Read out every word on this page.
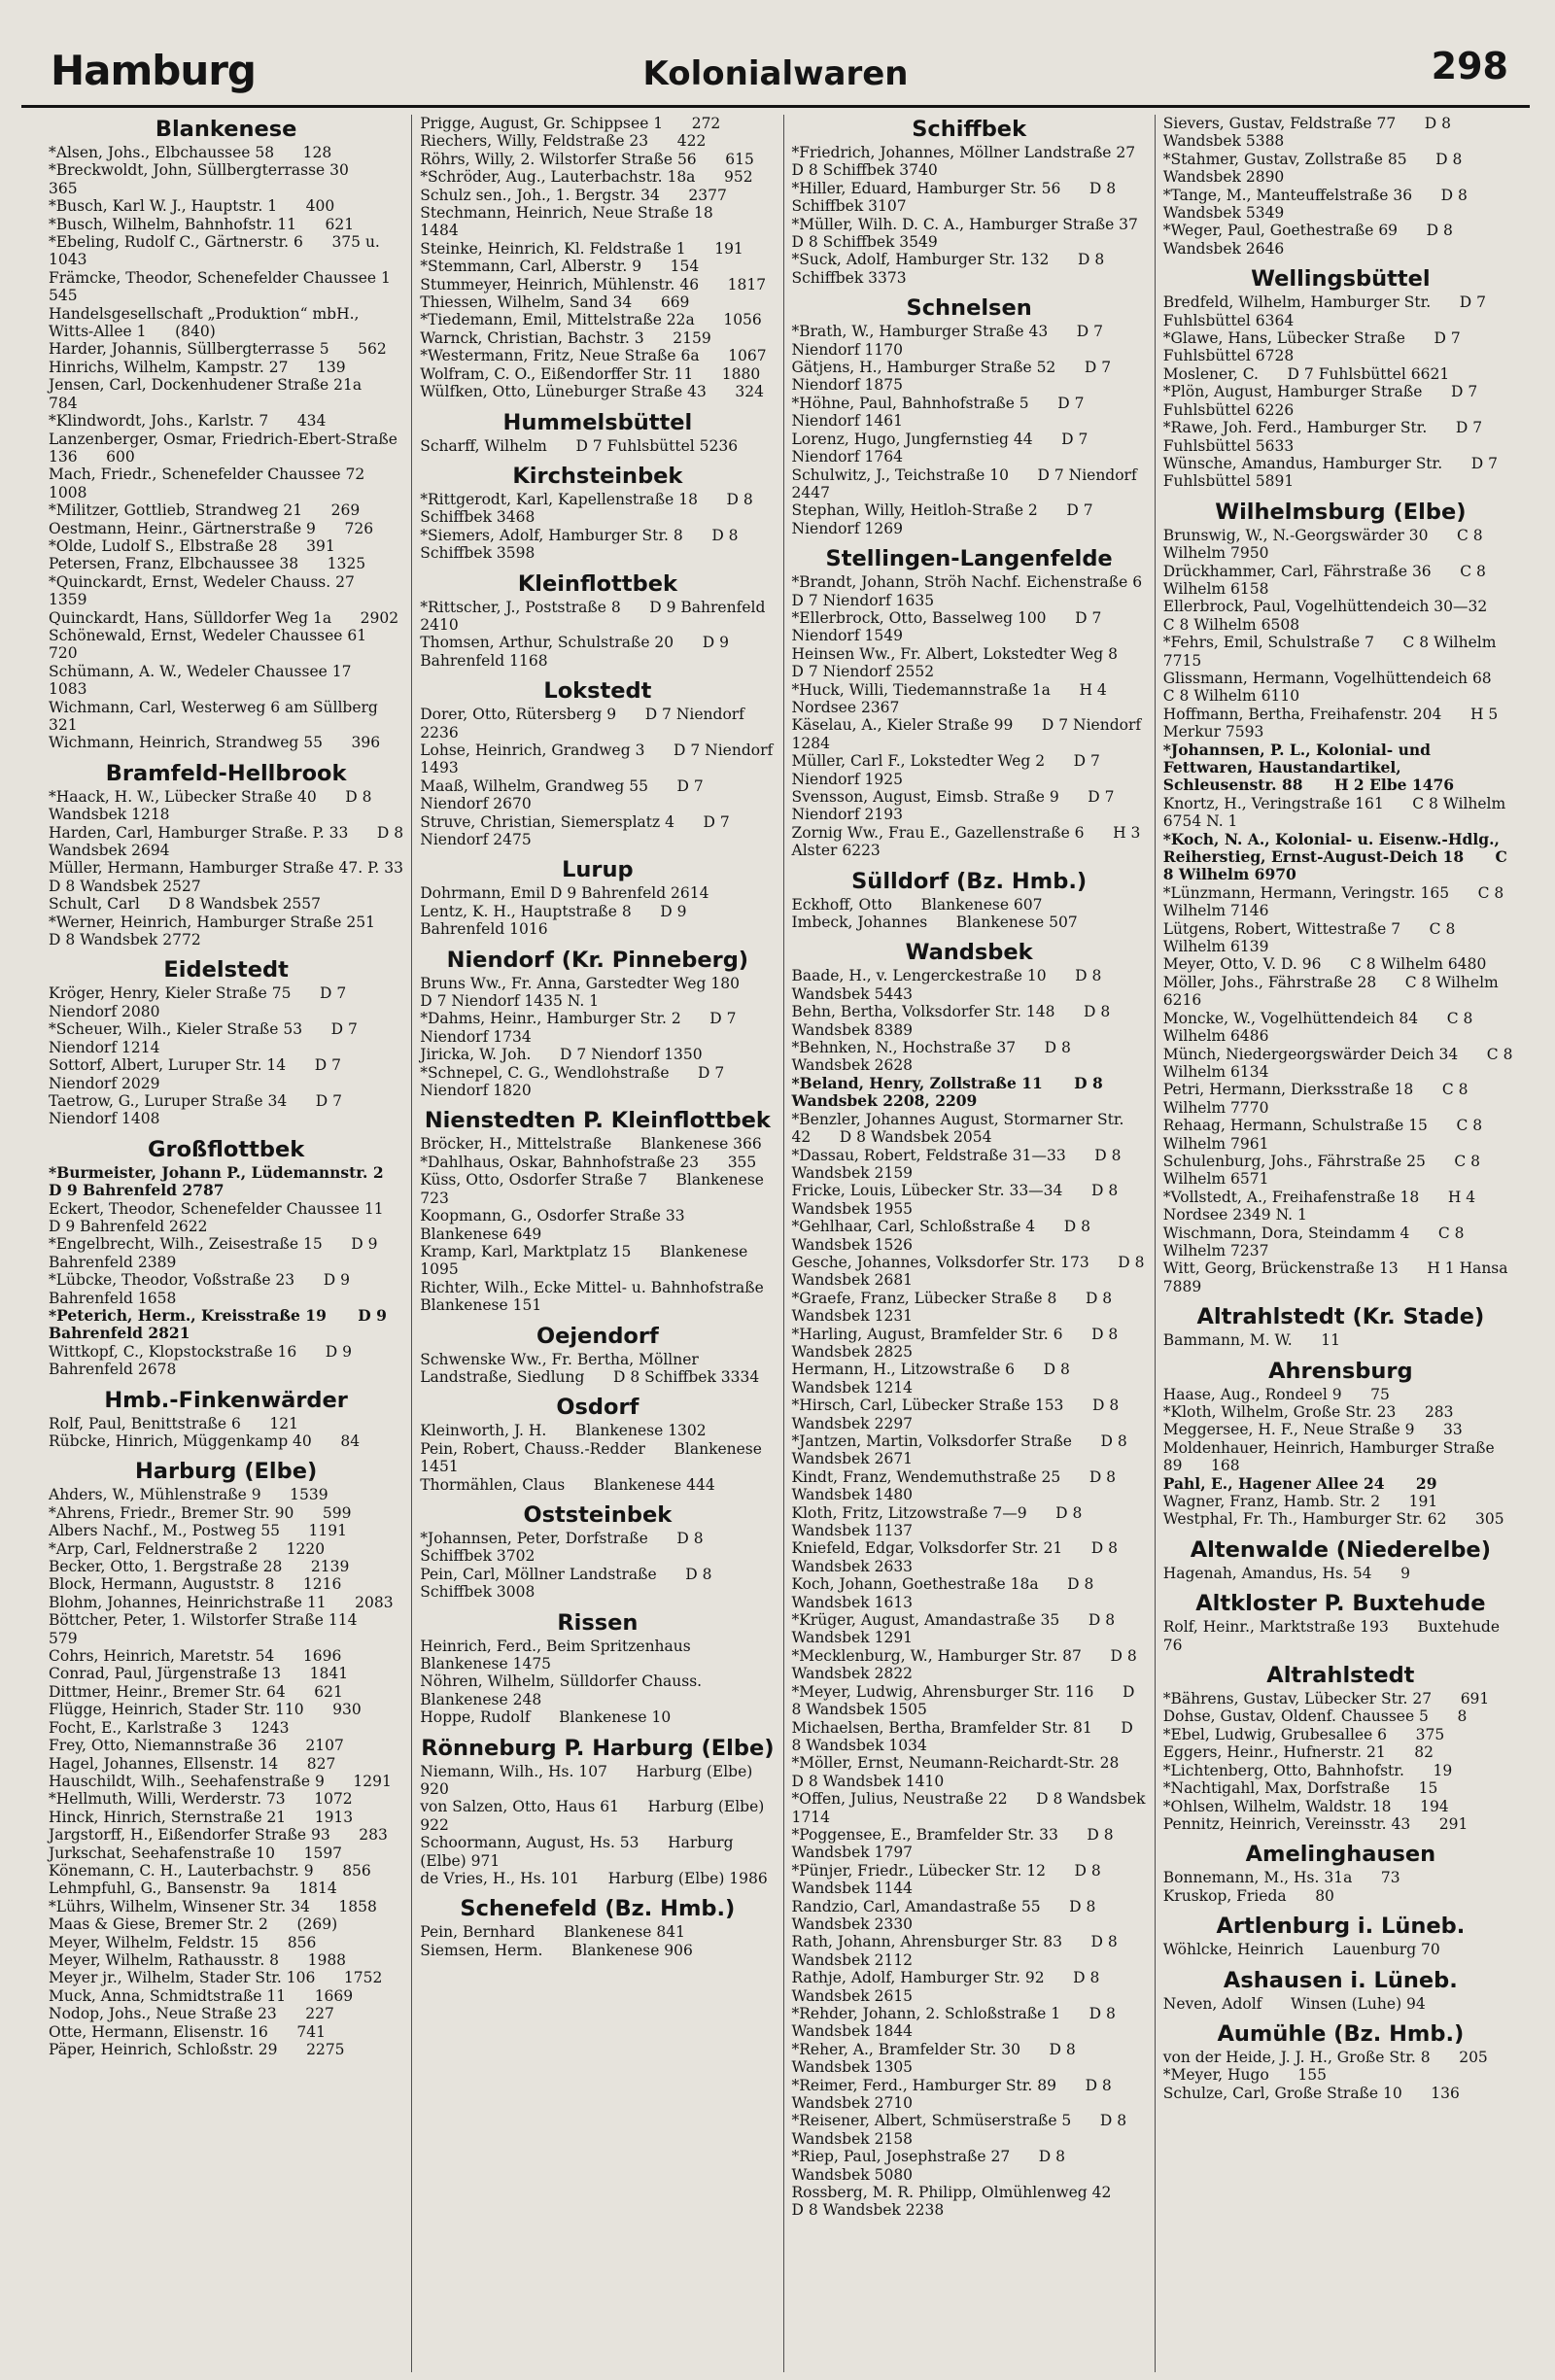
Hamburg	Kolonialwaren	298
Blankenese
*Alsen, Johs., Elbchaussee 58      128
*Breckwoldt, John, Süllbergterrasse 30      365
*Busch, Karl W. J., Hauptstr. 1      400
*Busch, Wilhelm, Bahnhofstr. 11      621
*Ebeling, Rudolf C., Gärtnerstr. 6      375 u. 1043
Främcke, Theodor, Schenefelder Chaussee 1      545
Handelsgesellschaft „Produktion“ mbH., Witts-Allee 1      (840)
Harder, Johannis, Süllbergterrasse 5      562
Hinrichs, Wilhelm, Kampstr. 27      139
Jensen, Carl, Dockenhudener Straße 21a      784
*Klindwordt, Johs., Karlstr. 7      434
Lanzenberger, Osmar, Friedrich-Ebert-Straße 136      600
Mach, Friedr., Schenefelder Chaussee 72      1008
*Militzer, Gottlieb, Strandweg 21      269
Oestmann, Heinr., Gärtnerstraße 9      726
*Olde, Ludolf S., Elbstraße 28      391
Petersen, Franz, Elbchaussee 38      1325
*Quinckardt, Ernst, Wedeler Chauss. 27      1359
Quinckardt, Hans, Sülldorfer Weg 1a      2902
Schönewald, Ernst, Wedeler Chaussee 61      720
Schümann, A. W., Wedeler Chaussee 17      1083
Wichmann, Carl, Westerweg 6 am Süllberg      321
Wichmann, Heinrich, Strandweg 55      396
Bramfeld-Hellbrook
*Haack, H. W., Lübecker Straße 40      D 8 Wandsbek 1218
Harden, Carl, Hamburger Straße. P. 33      D 8 Wandsbek 2694
Müller, Hermann, Hamburger Straße 47. P. 33      D 8 Wandsbek 2527
Schult, Carl      D 8 Wandsbek 2557
*Werner, Heinrich, Hamburger Straße 251      D 8 Wandsbek 2772
Eidelstedt
Kröger, Henry, Kieler Straße 75      D 7 Niendorf 2080
*Scheuer, Wilh., Kieler Straße 53      D 7 Niendorf 1214
Sottorf, Albert, Luruper Str. 14      D 7 Niendorf 2029
Taetrow, G., Luruper Straße 34      D 7 Niendorf 1408
Großflottbek
*Burmeister, Johann P., Lüdemannstr. 2      D 9 Bahrenfeld 2787
Eckert, Theodor, Schenefelder Chaussee 11      D 9 Bahrenfeld 2622
*Engelbrecht, Wilh., Zeisestraße 15      D 9 Bahrenfeld 2389
*Lübcke, Theodor, Voßstraße 23      D 9 Bahrenfeld 1658
*Peterich, Herm., Kreisstraße 19      D 9 Bahrenfeld 2821
Wittkopf, C., Klopstockstraße 16      D 9 Bahrenfeld 2678
Hmb.-Finkenwärder
Rolf, Paul, Benittstraße 6      121
Rübcke, Hinrich, Müggenkamp 40      84
Harburg (Elbe)
Ahders, W., Mühlenstraße 9      1539
*Ahrens, Friedr., Bremer Str. 90      599
Albers Nachf., M., Postweg 55      1191
*Arp, Carl, Feldnerstraße 2      1220
Becker, Otto, 1. Bergstraße 28      2139
Block, Hermann, Auguststr. 8      1216
Blohm, Johannes, Heinrichstraße 11      2083
Böttcher, Peter, 1. Wilstorfer Straße 114      579
Cohrs, Heinrich, Maretstr. 54      1696
Conrad, Paul, Jürgenstraße 13      1841
Dittmer, Heinr., Bremer Str. 64      621
Flügge, Heinrich, Stader Str. 110      930
Focht, E., Karlstraße 3      1243
Frey, Otto, Niemannstraße 36      2107
Hagel, Johannes, Ellsenstr. 14      827
Hauschildt, Wilh., Seehafenstraße 9      1291
*Hellmuth, Willi, Werderstr. 73      1072
Hinck, Hinrich, Sternstraße 21      1913
Jargstorff, H., Eißendorfer Straße 93      283
Jurkschat, Seehafenstraße 10      1597
Könemann, C. H., Lauterbachstr. 9      856
Lehmpfuhl, G., Bansenstr. 9a      1814
*Lührs, Wilhelm, Winsener Str. 34      1858
Maas & Giese, Bremer Str. 2      (269)
Meyer, Wilhelm, Feldstr. 15      856
Meyer, Wilhelm, Rathausstr. 8      1988
Meyer jr., Wilhelm, Stader Str. 106      1752
Muck, Anna, Schmidtstraße 11      1669
Nodop, Johs., Neue Straße 23      227
Otte, Hermann, Elisenstr. 16      741
Päper, Heinrich, Schloßstr. 29      2275
Prigge, August, Gr. Schippsee 1      272
Riechers, Willy, Feldstraße 23      422
Röhrs, Willy, 2. Wilstorfer Straße 56      615
*Schröder, Aug., Lauterbachstr. 18a      952
Schulz sen., Joh., 1. Bergstr. 34      2377
Stechmann, Heinrich, Neue Straße 18      1484
Steinke, Heinrich, Kl. Feldstraße 1      191
*Stemmann, Carl, Alberstr. 9      154
Stummeyer, Heinrich, Mühlenstr. 46      1817
Thiessen, Wilhelm, Sand 34      669
*Tiedemann, Emil, Mittelstraße 22a      1056
Warnck, Christian, Bachstr. 3      2159
*Westermann, Fritz, Neue Straße 6a      1067
Wolfram, C. O., Eißendorffer Str. 11      1880
Wülfken, Otto, Lüneburger Straße 43      324
Hummelsbüttel
Scharff, Wilhelm      D 7 Fuhlsbüttel 5236
Kirchsteinbek
*Rittgerodt, Karl, Kapellenstraße 18      D 8 Schiffbek 3468
*Siemers, Adolf, Hamburger Str. 8      D 8 Schiffbek 3598
Kleinflottbek
*Rittscher, J., Poststraße 8      D 9 Bahrenfeld 2410
Thomsen, Arthur, Schulstraße 20      D 9 Bahrenfeld 1168
Lokstedt
Dorer, Otto, Rütersberg 9      D 7 Niendorf 2236
Lohse, Heinrich, Grandweg 3      D 7 Niendorf 1493
Maaß, Wilhelm, Grandweg 55      D 7 Niendorf 2670
Struve, Christian, Siemersplatz 4      D 7 Niendorf 2475
Lurup
Dohrmann, Emil D 9 Bahrenfeld 2614
Lentz, K. H., Hauptstraße 8      D 9 Bahrenfeld 1016
Niendorf (Kr. Pinneberg)
Bruns Ww., Fr. Anna, Garstedter Weg 180      D 7 Niendorf 1435 N. 1
*Dahms, Heinr., Hamburger Str. 2      D 7 Niendorf 1734
Jiricka, W. Joh.      D 7 Niendorf 1350
*Schnepel, C. G., Wendlohstraße      D 7 Niendorf 1820
Nienstedten P. Kleinflottbek
Bröcker, H., Mittelstraße      Blankenese 366
*Dahlhaus, Oskar, Bahnhofstraße 23      355
Küss, Otto, Osdorfer Straße 7      Blankenese 723
Koopmann, G., Osdorfer Straße 33      Blankenese 649
Kramp, Karl, Marktplatz 15      Blankenese 1095
Richter, Wilh., Ecke Mittel- u. Bahnhofstraße      Blankenese 151
Oejendorf
Schwenske Ww., Fr. Bertha, Möllner Landstraße, Siedlung      D 8 Schiffbek 3334
Osdorf
Kleinworth, J. H.      Blankenese 1302
Pein, Robert, Chauss.-Redder      Blankenese 1451
Thormählen, Claus      Blankenese 444
Oststeinbek
*Johannsen, Peter, Dorfstraße      D 8 Schiffbek 3702
Pein, Carl, Möllner Landstraße      D 8 Schiffbek 3008
Rissen
Heinrich, Ferd., Beim Spritzenhaus      Blankenese 1475
Nöhren, Wilhelm, Sülldorfer Chauss.      Blankenese 248
Hoppe, Rudolf      Blankenese 10
Rönneburg P. Harburg (Elbe)
Niemann, Wilh., Hs. 107      Harburg (Elbe) 920
von Salzen, Otto, Haus 61      Harburg (Elbe) 922
Schoormann, August, Hs. 53      Harburg (Elbe) 971
de Vries, H., Hs. 101      Harburg (Elbe) 1986
Schenefeld (Bz. Hmb.)
Pein, Bernhard      Blankenese 841
Siemsen, Herm.      Blankenese 906
Schiffbek
*Friedrich, Johannes, Möllner Landstraße 27      D 8 Schiffbek 3740
*Hiller, Eduard, Hamburger Str. 56      D 8 Schiffbek 3107
*Müller, Wilh. D. C. A., Hamburger Straße 37      D 8 Schiffbek 3549
*Suck, Adolf, Hamburger Str. 132      D 8 Schiffbek 3373
Schnelsen
*Brath, W., Hamburger Straße 43      D 7 Niendorf 1170
Gätjens, H., Hamburger Straße 52      D 7 Niendorf 1875
*Höhne, Paul, Bahnhofstraße 5      D 7 Niendorf 1461
Lorenz, Hugo, Jungfernstieg 44      D 7 Niendorf 1764
Schulwitz, J., Teichstraße 10      D 7 Niendorf 2447
Stephan, Willy, Heitloh-Straße 2      D 7 Niendorf 1269
Stellingen-Langenfelde
*Brandt, Johann, Ströh Nachf. Eichenstraße 6      D 7 Niendorf 1635
*Ellerbrock, Otto, Basselweg 100      D 7 Niendorf 1549
Heinsen Ww., Fr. Albert, Lokstedter Weg 8      D 7 Niendorf 2552
*Huck, Willi, Tiedemannstraße 1a      H 4 Nordsee 2367
Käselau, A., Kieler Straße 99      D 7 Niendorf 1284
Müller, Carl F., Lokstedter Weg 2      D 7 Niendorf 1925
Svensson, August, Eimsb. Straße 9      D 7 Niendorf 2193
Zornig Ww., Frau E., Gazellenstraße 6      H 3 Alster 6223
Sülldorf (Bz. Hmb.)
Eckhoff, Otto      Blankenese 607
Imbeck, Johannes      Blankenese 507
Wandsbek
Baade, H., v. Lengerckestraße 10      D 8 Wandsbek 5443
Behn, Bertha, Volksdorfer Str. 148      D 8 Wandsbek 8389
*Behnken, N., Hochstraße 37      D 8 Wandsbek 2628
*Beland, Henry, Zollstraße 11      D 8 Wandsbek 2208, 2209
*Benzler, Johannes August, Stormarner Str. 42      D 8 Wandsbek 2054
*Dassau, Robert, Feldstraße 31—33      D 8 Wandsbek 2159
Fricke, Louis, Lübecker Str. 33—34      D 8 Wandsbek 1955
*Gehlhaar, Carl, Schloßstraße 4      D 8 Wandsbek 1526
Gesche, Johannes, Volksdorfer Str. 173      D 8 Wandsbek 2681
*Graefe, Franz, Lübecker Straße 8      D 8 Wandsbek 1231
*Harling, August, Bramfelder Str. 6      D 8 Wandsbek 2825
Hermann, H., Litzowstraße 6      D 8 Wandsbek 1214
*Hirsch, Carl, Lübecker Straße 153      D 8 Wandsbek 2297
*Jantzen, Martin, Volksdorfer Straße      D 8 Wandsbek 2671
Kindt, Franz, Wendemuthstraße 25      D 8 Wandsbek 1480
Kloth, Fritz, Litzowstraße 7—9      D 8 Wandsbek 1137
Kniefeld, Edgar, Volksdorfer Str. 21      D 8 Wandsbek 2633
Koch, Johann, Goethestraße 18a      D 8 Wandsbek 1613
*Krüger, August, Amandastraße 35      D 8 Wandsbek 1291
*Mecklenburg, W., Hamburger Str. 87      D 8 Wandsbek 2822
*Meyer, Ludwig, Ahrensburger Str. 116      D 8 Wandsbek 1505
Michaelsen, Bertha, Bramfelder Str. 81      D 8 Wandsbek 1034
*Möller, Ernst, Neumann-Reichardt-Str. 28      D 8 Wandsbek 1410
*Offen, Julius, Neustraße 22      D 8 Wandsbek 1714
*Poggensee, E., Bramfelder Str. 33      D 8 Wandsbek 1797
*Pünjer, Friedr., Lübecker Str. 12      D 8 Wandsbek 1144
Randzio, Carl, Amandastraße 55      D 8 Wandsbek 2330
Rath, Johann, Ahrensburger Str. 83      D 8 Wandsbek 2112
Rathje, Adolf, Hamburger Str. 92      D 8 Wandsbek 2615
*Rehder, Johann, 2. Schloßstraße 1      D 8 Wandsbek 1844
*Reher, A., Bramfelder Str. 30      D 8 Wandsbek 1305
*Reimer, Ferd., Hamburger Str. 89      D 8 Wandsbek 2710
*Reisener, Albert, Schmüserstraße 5      D 8 Wandsbek 2158
*Riep, Paul, Josephstraße 27      D 8 Wandsbek 5080
Rossberg, M. R. Philipp, Olmühlenweg 42      D 8 Wandsbek 2238
Sievers, Gustav, Feldstraße 77      D 8 Wandsbek 5388
*Stahmer, Gustav, Zollstraße 85      D 8 Wandsbek 2890
*Tange, M., Manteuffelstraße 36      D 8 Wandsbek 5349
*Weger, Paul, Goethestraße 69      D 8 Wandsbek 2646
Wellingsbüttel
Bredfeld, Wilhelm, Hamburger Str.      D 7 Fuhlsbüttel 6364
*Glawe, Hans, Lübecker Straße      D 7 Fuhlsbüttel 6728
Moslener, C.      D 7 Fuhlsbüttel 6621
*Plön, August, Hamburger Straße      D 7 Fuhlsbüttel 6226
*Rawe, Joh. Ferd., Hamburger Str.      D 7 Fuhlsbüttel 5633
Wünsche, Amandus, Hamburger Str.      D 7 Fuhlsbüttel 5891
Wilhelmsburg (Elbe)
Brunswig, W., N.-Georgswärder 30      C 8 Wilhelm 7950
Drückhammer, Carl, Fährstraße 36      C 8 Wilhelm 6158
Ellerbrock, Paul, Vogelhüttendeich 30—32      C 8 Wilhelm 6508
*Fehrs, Emil, Schulstraße 7      C 8 Wilhelm 7715
Glissmann, Hermann, Vogelhüttendeich 68      C 8 Wilhelm 6110
Hoffmann, Bertha, Freihafenstr. 204      H 5 Merkur 7593
*Johannsen, P. L., Kolonial- und Fettwaren, Haustandartikel, Schleusenstr. 88      H 2 Elbe 1476
Knortz, H., Veringstraße 161      C 8 Wilhelm 6754 N. 1
*Koch, N. A., Kolonial- u. Eisenw.-Hdlg., Reiherstieg, Ernst-August-Deich 18      C 8 Wilhelm 6970
*Lünzmann, Hermann, Veringstr. 165      C 8 Wilhelm 7146
Lütgens, Robert, Wittestraße 7      C 8 Wilhelm 6139
Meyer, Otto, V. D. 96      C 8 Wilhelm 6480
Möller, Johs., Fährstraße 28      C 8 Wilhelm 6216
Moncke, W., Vogelhüttendeich 84      C 8 Wilhelm 6486
Münch, Niedergeorgswärder Deich 34      C 8 Wilhelm 6134
Petri, Hermann, Dierksstraße 18      C 8 Wilhelm 7770
Rehaag, Hermann, Schulstraße 15      C 8 Wilhelm 7961
Schulenburg, Johs., Fährstraße 25      C 8 Wilhelm 6571
*Vollstedt, A., Freihafenstraße 18      H 4 Nordsee 2349 N. 1
Wischmann, Dora, Steindamm 4      C 8 Wilhelm 7237
Witt, Georg, Brückenstraße 13      H 1 Hansa 7889
Altrahlstedt (Kr. Stade)
Bammann, M. W.      11
Ahrensburg
Haase, Aug., Rondeel 9      75
*Kloth, Wilhelm, Große Str. 23      283
Meggersee, H. F., Neue Straße 9      33
Moldenhauer, Heinrich, Hamburger Straße 89      168
Pahl, E., Hagener Allee 24      29
Wagner, Franz, Hamb. Str. 2      191
Westphal, Fr. Th., Hamburger Str. 62      305
Altenwalde (Niederelbe)
Hagenah, Amandus, Hs. 54      9
Altkloster P. Buxtehude
Rolf, Heinr., Marktstraße 193      Buxtehude 76
Altrahlstedt
*Bährens, Gustav, Lübecker Str. 27      691
Dohse, Gustav, Oldenf. Chaussee 5      8
*Ebel, Ludwig, Grubesallee 6      375
Eggers, Heinr., Hufnerstr. 21      82
*Lichtenberg, Otto, Bahnhofstr.      19
*Nachtigahl, Max, Dorfstraße      15
*Ohlsen, Wilhelm, Waldstr. 18      194
Pennitz, Heinrich, Vereinsstr. 43      291
Amelinghausen
Bonnemann, M., Hs. 31a      73
Kruskop, Frieda      80
Artlenburg i. Lüneb.
Wöhlcke, Heinrich      Lauenburg 70
Ashausen i. Lüneb.
Neven, Adolf      Winsen (Luhe) 94
Aumühle (Bz. Hmb.)
von der Heide, J. J. H., Große Str. 8      205
*Meyer, Hugo      155
Schulze, Carl, Große Straße 10      136
